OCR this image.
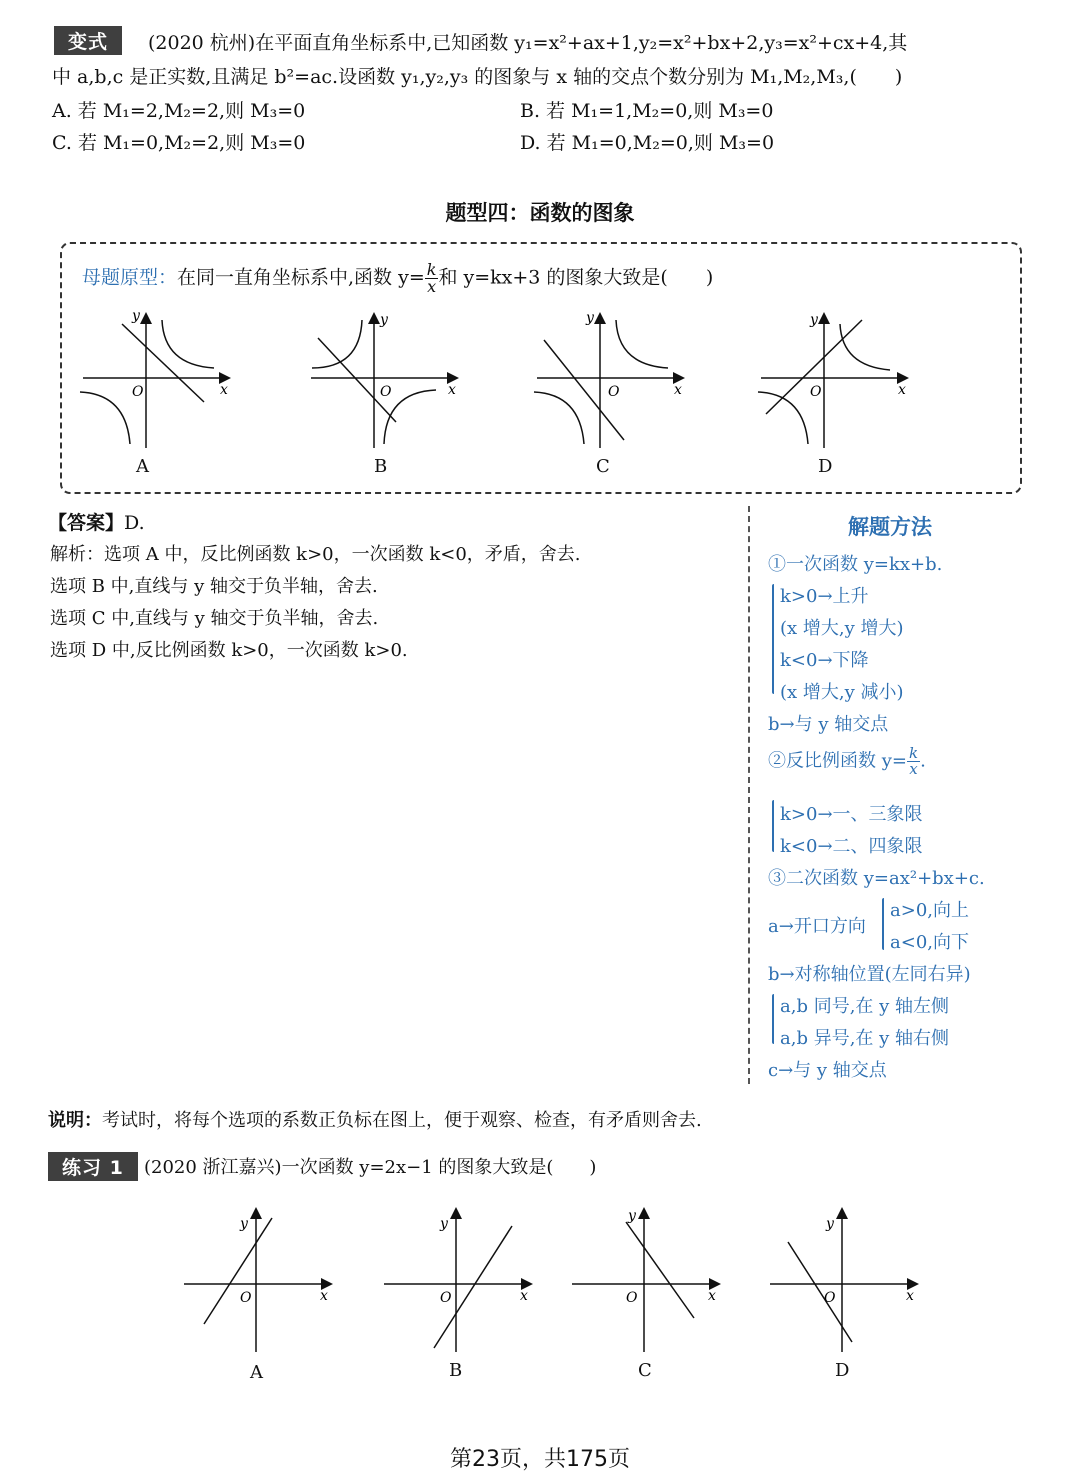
变式	(2020 杭州)在平面直角坐标系中,已知函数 y₁=x²+ax+1,y₂=x²+bx+2,y₃=x²+cx+4,其
中 a,b,c 是正实数,且满足 b²=ac.设函数 y₁,y₂,y₃ 的图象与 x 轴的交点个数分别为 M₁,M₂,M₃,(　　)
A. 若 M₁=2,M₂=2,则 M₃=0	B. 若 M₁=1,M₂=0,则 M₃=0
C. 若 M₁=0,M₂=2,则 M₃=0	D. 若 M₁=0,M₂=0,则 M₃=0
题型四：函数的图象
母题原型：在同一直角坐标系中,函数 $y= \frac{k}{x}$ 和 y=kx+3 的图象大致是(　　)
y
x
O
y
x
O
y
x
O
y
x
O
A	B	C	D
【答案】D.
解析：选项 A 中，反比例函数 k>0，一次函数 k<0，矛盾，舍去.
选项 B 中,直线与 y 轴交于负半轴，舍去.
选项 C 中,直线与 y 轴交于负半轴，舍去.
选项 D 中,反比例函数 k>0，一次函数 k>0.
解题方法
①一次函数 y=kx+b.
k>0→上升
(x 增大,y 增大)
k<0→下降
(x 增大,y 减小)
b→与 y 轴交点
②反比例函数 $y= \frac{k}{x}$ .
k>0→一、三象限
k<0→二、四象限
③二次函数 y=ax²+bx+c.
a→开口方向
a>0,向上
a<0,向下
b→对称轴位置(左同右异)
a,b 同号,在 y 轴左侧
a,b 异号,在 y 轴右侧
c→与 y 轴交点
说明：考试时，将每个选项的系数正负标在图上，便于观察、检查，有矛盾则舍去.
练习 1	(2020 浙江嘉兴)一次函数 y=2x−1 的图象大致是(　　)
y
x
O
y
x
O
y
x
O
y
x
O
A	B	C	D
第23页，共175页
